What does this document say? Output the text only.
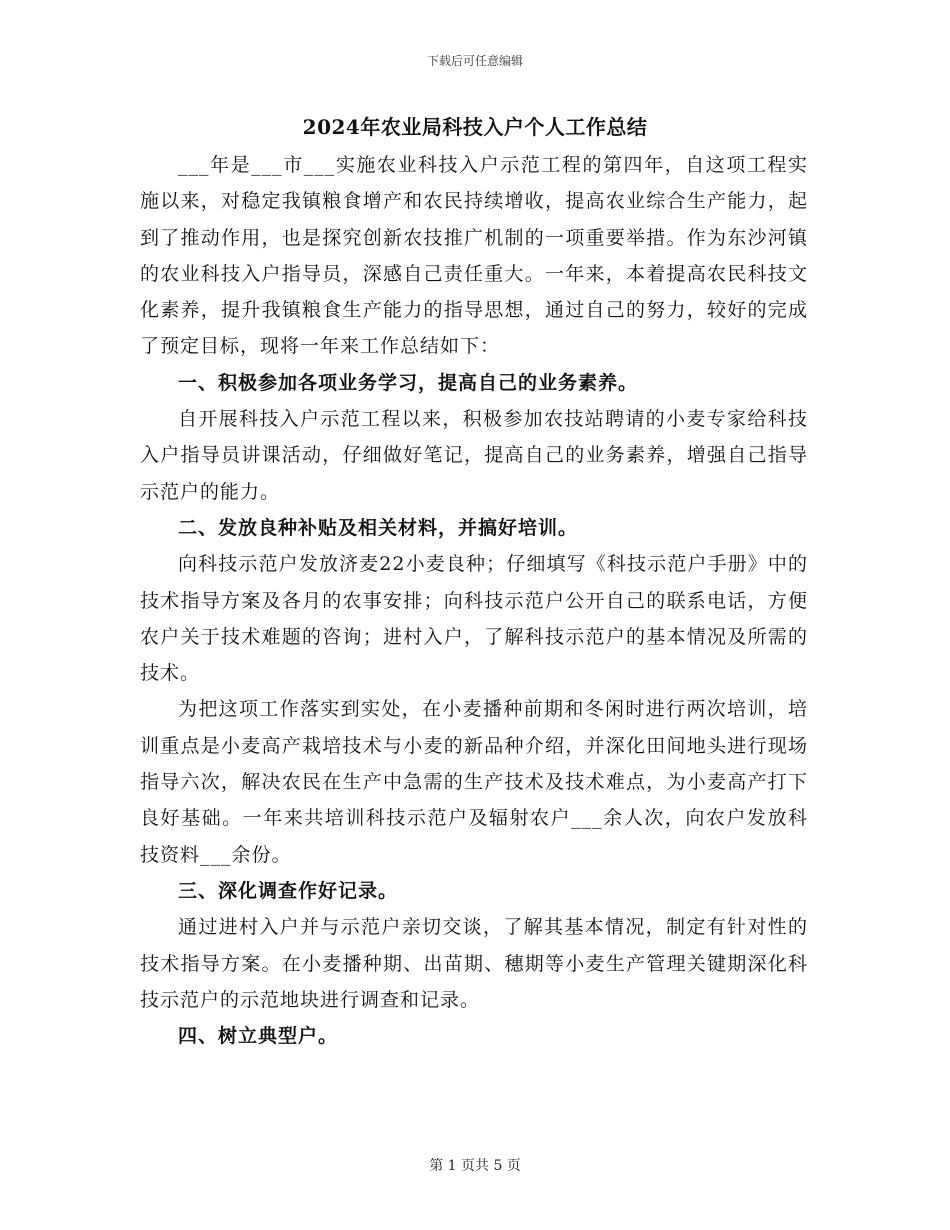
下载后可任意编辑
2024年农业局科技入户个人工作总结

___年是___市___实施农业科技入户示范工程的第四年，自这项工程实施以来，对稳定我镇粮食增产和农民持续增收，提高农业综合生产能力，起到了推动作用，也是探究创新农技推广机制的一项重要举措。作为东沙河镇的农业科技入户指导员，深感自己责任重大。一年来，本着提高农民科技文化素养，提升我镇粮食生产能力的指导思想，通过自己的努力，较好的完成了预定目标，现将一年来工作总结如下：

一、积极参加各项业务学习，提高自己的业务素养。

自开展科技入户示范工程以来，积极参加农技站聘请的小麦专家给科技入户指导员讲课活动，仔细做好笔记，提高自己的业务素养，增强自己指导示范户的能力。

二、发放良种补贴及相关材料，并搞好培训。

向科技示范户发放济麦22小麦良种；仔细填写《科技示范户手册》中的技术指导方案及各月的农事安排；向科技示范户公开自己的联系电话，方便农户关于技术难题的咨询；进村入户，了解科技示范户的基本情况及所需的技术。

为把这项工作落实到实处，在小麦播种前期和冬闲时进行两次培训，培训重点是小麦高产栽培技术与小麦的新品种介绍，并深化田间地头进行现场指导六次，解决农民在生产中急需的生产技术及技术难点，为小麦高产打下良好基础。一年来共培训科技示范户及辐射农户___余人次，向农户发放科技资料___余份。

三、深化调查作好记录。

通过进村入户并与示范户亲切交谈，了解其基本情况，制定有针对性的技术指导方案。在小麦播种期、出苗期、穗期等小麦生产管理关键期深化科技示范户的示范地块进行调查和记录。

四、树立典型户。

第 1 页共 5 页
